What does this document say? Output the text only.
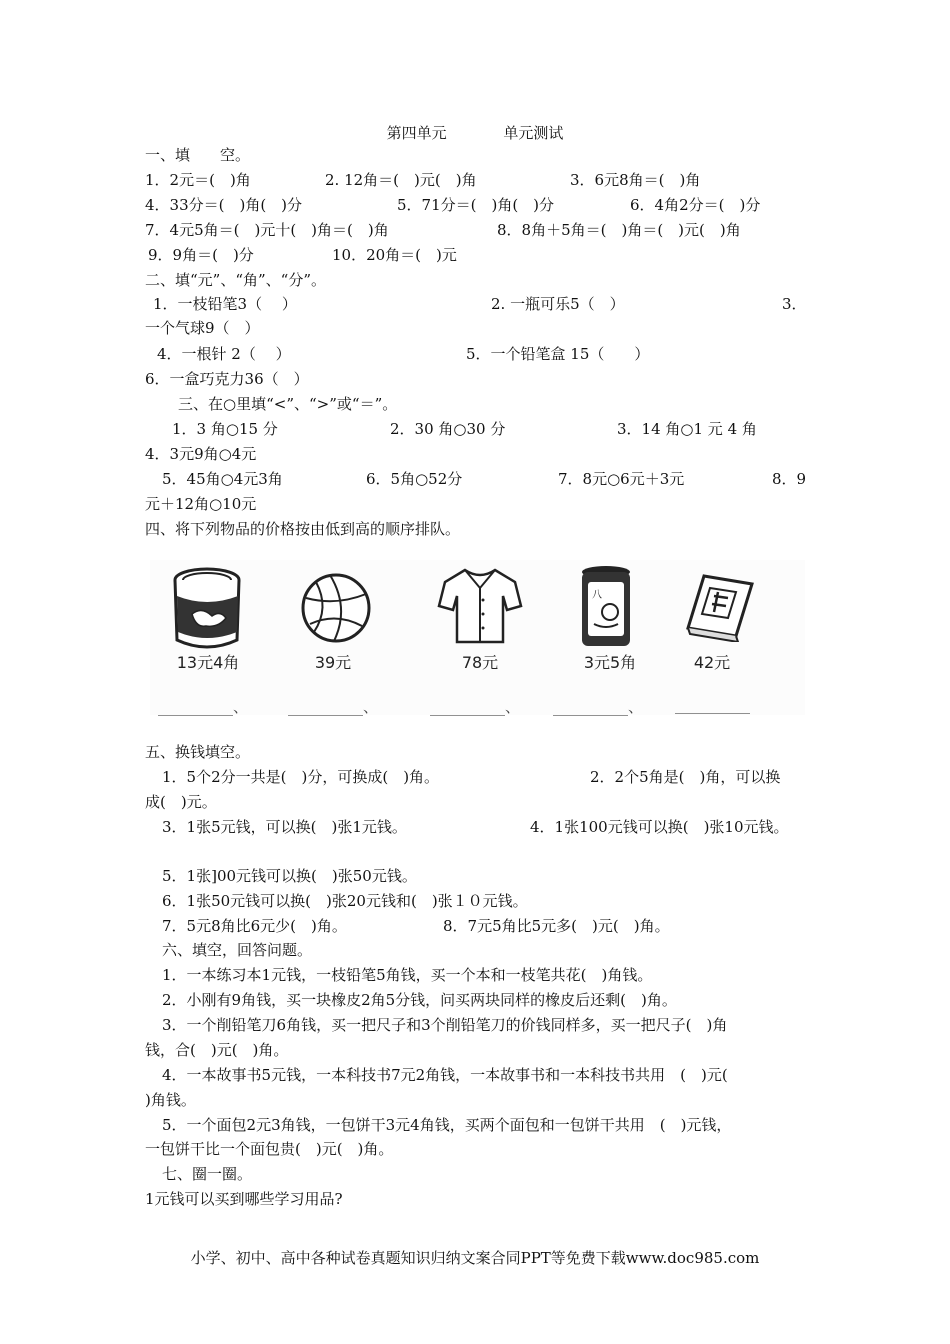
第四单元	单元测试
一、填　　空。
1．2元＝(　)角	2. 12角＝(　)元(　)角	3．6元8角＝(　)角
4．33分＝(　)角(　)分	5．71分＝(　)角(　)分	6．4角2分＝(　)分
7．4元5角＝(　)元十(　)角＝(　)角	8．8角＋5角＝(　)角＝(　)元(　)角
9．9角＝(　)分	10．20角＝(　)元
二、填“元”、“角”、“分”。
1．一枝铅笔3（　 ）	2. 一瓶可乐5（　）	3．
一个气球9（　）
4．一根针 2（　 ）	5．一个铅笔盒 15（　　）
6．一盒巧克力36（　）
三、在○里填“<”、“>”或“＝”。
1．3 角○15 分	2．30 角○30 分	3．14 角○1 元 4 角
4．3元9角○4元
5．45角○4元3角	6．5角○52分	7．8元○6元＋3元	8．9
元＋12角○10元
四、将下列物品的价格按由低到高的顺序排队。
八
13元4角	39元	78元	3元5角	42元
__________、	__________、	__________、 __________、 __________
五、换钱填空。
1．5个2分一共是(　)分，可换成(　)角。	2．2个5角是(　)角，可以换
成(　)元。
3．1张5元钱，可以换(　)张1元钱。	4．1张100元钱可以换(　)张10元钱。
5．1张]00元钱可以换(　)张50元钱。
6．1张50元钱可以换(　)张20元钱和(　)张１０元钱。
7．5元8角比6元少(　)角。	8．7元5角比5元多(　)元(　)角。
六、填空，回答问题。
1．一本练习本1元钱，一枝铅笔5角钱，买一个本和一枝笔共花(　)角钱。
2．小刚有9角钱，买一块橡皮2角5分钱，问买两块同样的橡皮后还剩(　)角。
3．一个削铅笔刀6角钱，买一把尺子和3个削铅笔刀的价钱同样多，买一把尺子(　)角
钱，合(　)元(　)角。
4．一本故事书5元钱，一本科技书7元2角钱，一本故事书和一本科技书共用　(　)元(
)角钱。
5．一个面包2元3角钱，一包饼干3元4角钱，买两个面包和一包饼干共用　(　)元钱，
一包饼干比一个面包贵(　)元(　)角。
七、圈一圈。
1元钱可以买到哪些学习用品?
小学、初中、高中各种试卷真题知识归纳文案合同PPT等免费下载www.doc985.com
